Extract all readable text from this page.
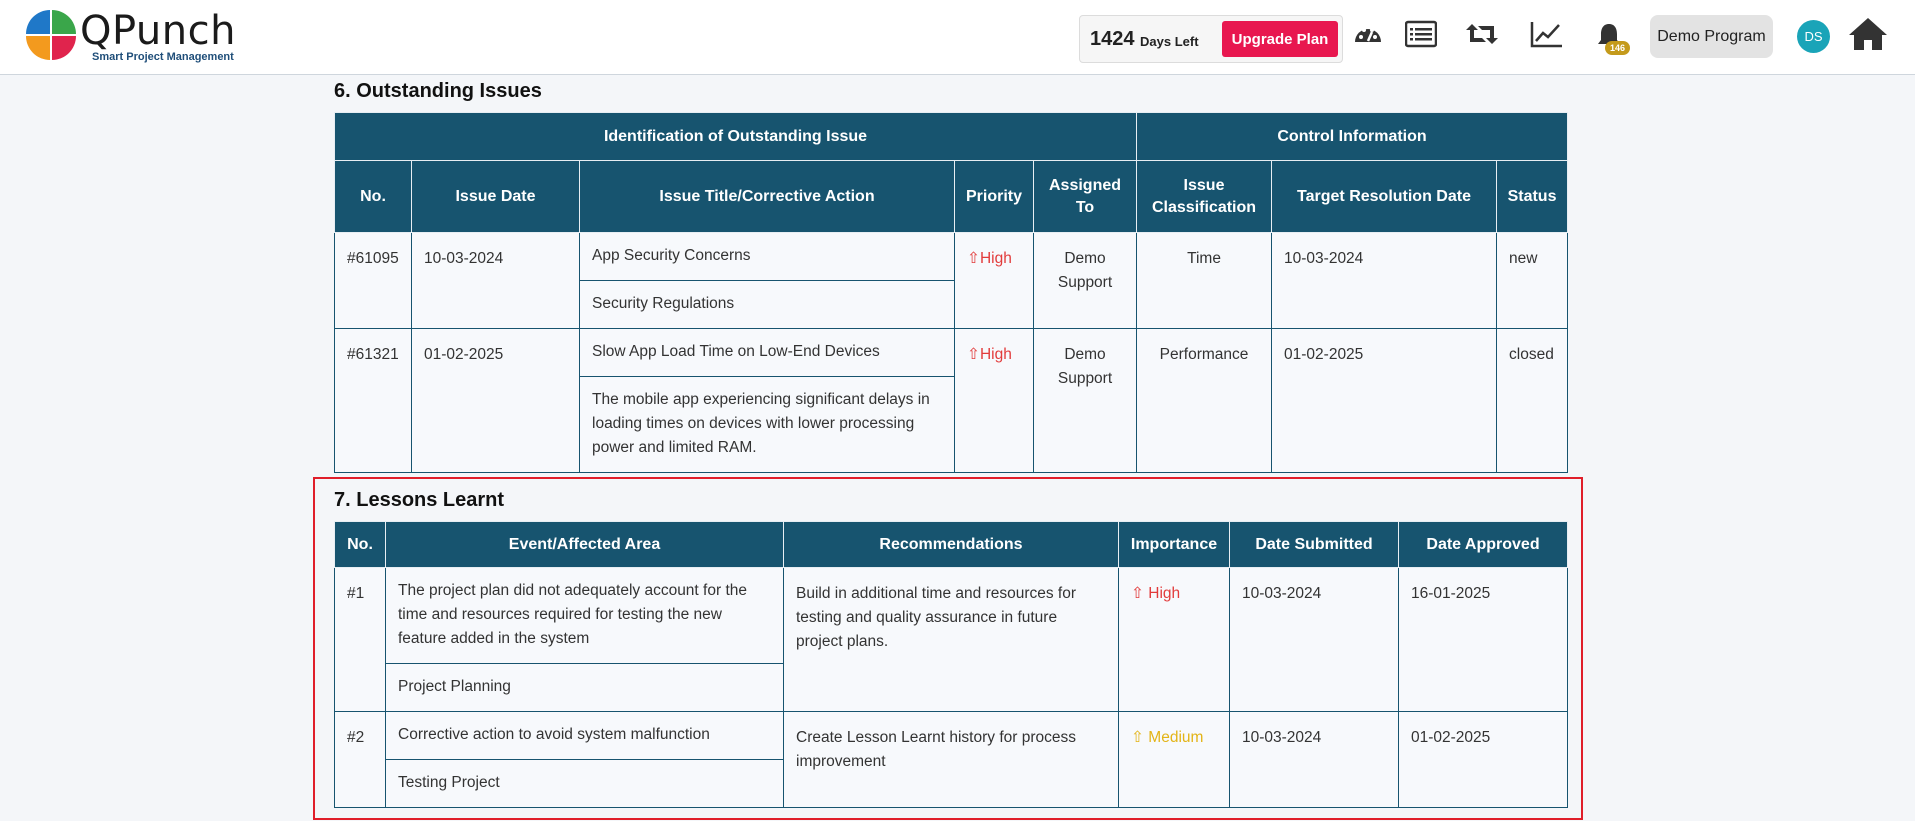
QPunch
Smart Project Management
1424 Days Left	Upgrade Plan
146
Demo Program	DS
6. Outstanding Issues
Identification of Outstanding Issue					Control Information		
No.	Issue Date	Issue Title/Corrective Action	Priority	Assigned To	Issue Classification	Target Resolution Date	Status
#61095	10-03-2024	App Security Concerns	⇧High	Demo Support	Time	10-03-2024	new
		Security Regulations					
#61321	01-02-2025	Slow App Load Time on Low-End Devices	⇧High	Demo Support	Performance	01-02-2025	closed
		The mobile app experiencing significant delays in loading times on devices with lower processing power and limited RAM.					
7. Lessons Learnt
No.	Event/Affected Area	Recommendations	Importance	Date Submitted	Date Approved
#1	The project plan did not adequately account for the time and resources required for testing the new feature added in the system	Build in additional time and resources for testing and quality assurance in future project plans.	⇧ High	10-03-2024	16-01-2025
	Project Planning				
#2	Corrective action to avoid system malfunction	Create Lesson Learnt history for process improvement	⇧ Medium	10-03-2024	01-02-2025
	Testing Project				
